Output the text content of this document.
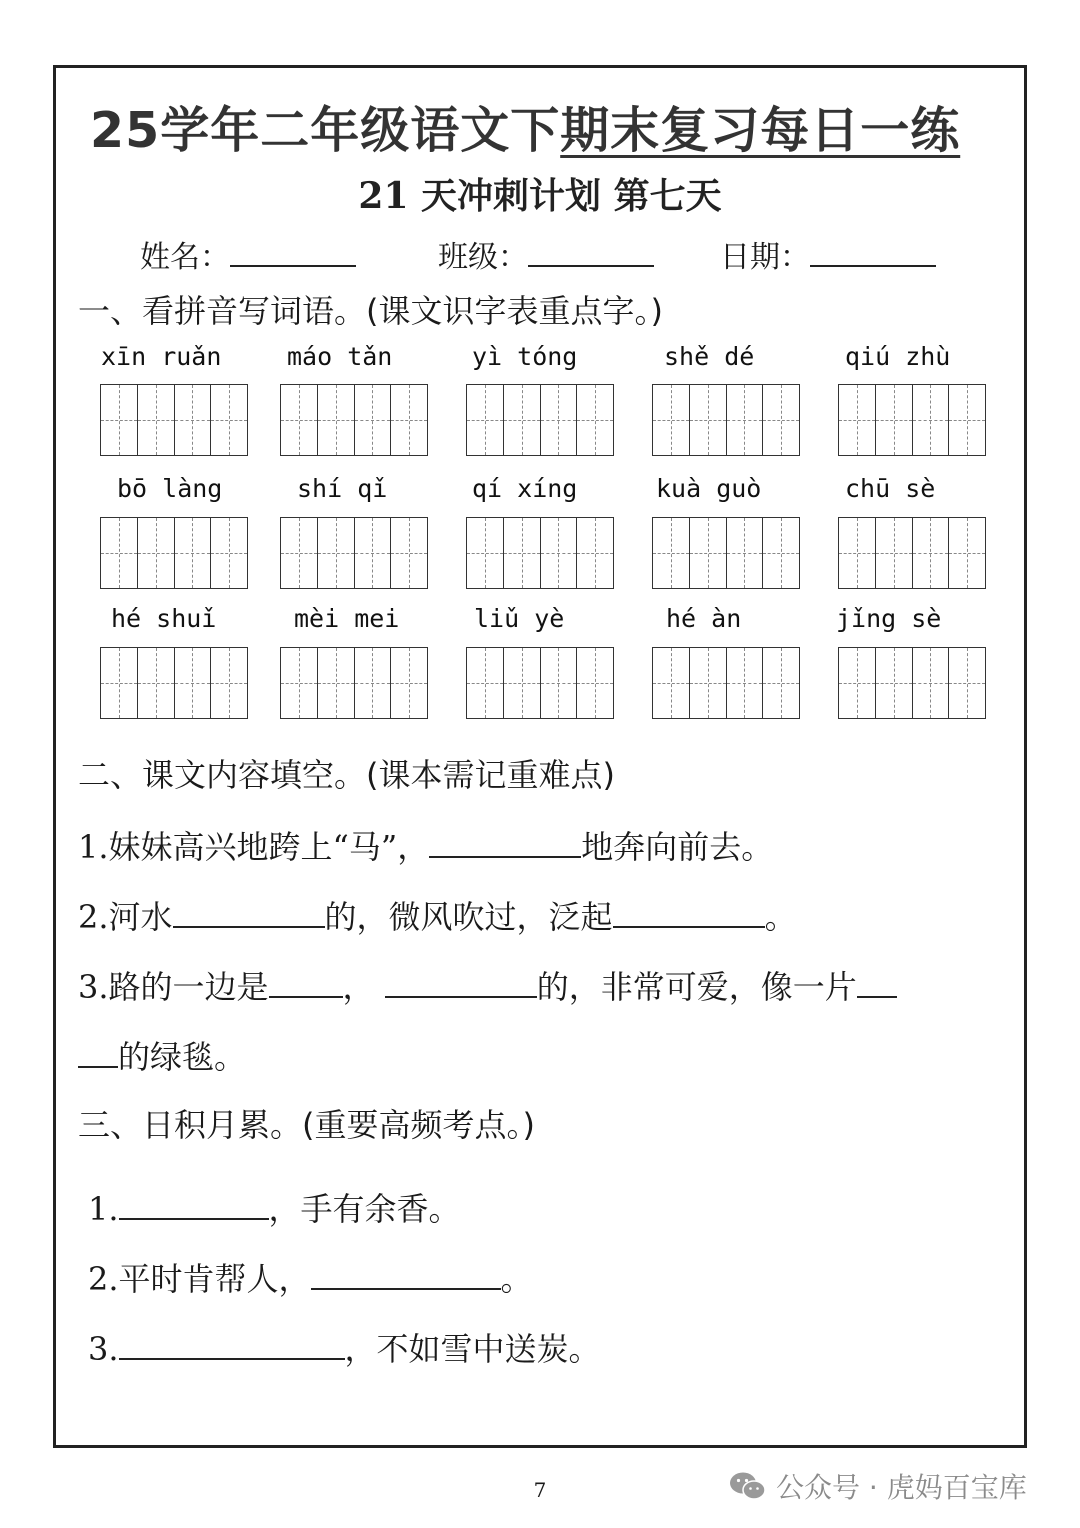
25学年二年级语文下期末复习每日一练
21 天冲刺计划 第七天
姓名：	班级：	日期：
一、看拼音写词语。(课文识字表重点字。)
xīn ruǎn	máo tǎn	yì tóng	shě dé	qiú zhù
bō làng	shí qǐ	qí xíng	kuà guò	chū sè
hé shuǐ	mèi mei	liǔ yè	hé àn	jǐng sè
二、课文内容填空。(课本需记重难点)
1.妹妹高兴地跨上“马”，	地奔向前去。
2.河水	的，微风吹过，泛起	。
3.路的一边是 ，	的，非常可爱，像一片
的绿毯。
三、日积月累。(重要高频考点。)
1.	，手有余香。
2.平时肯帮人，	。
3.	，不如雪中送炭。
7	公众号 · 虎妈百宝库
